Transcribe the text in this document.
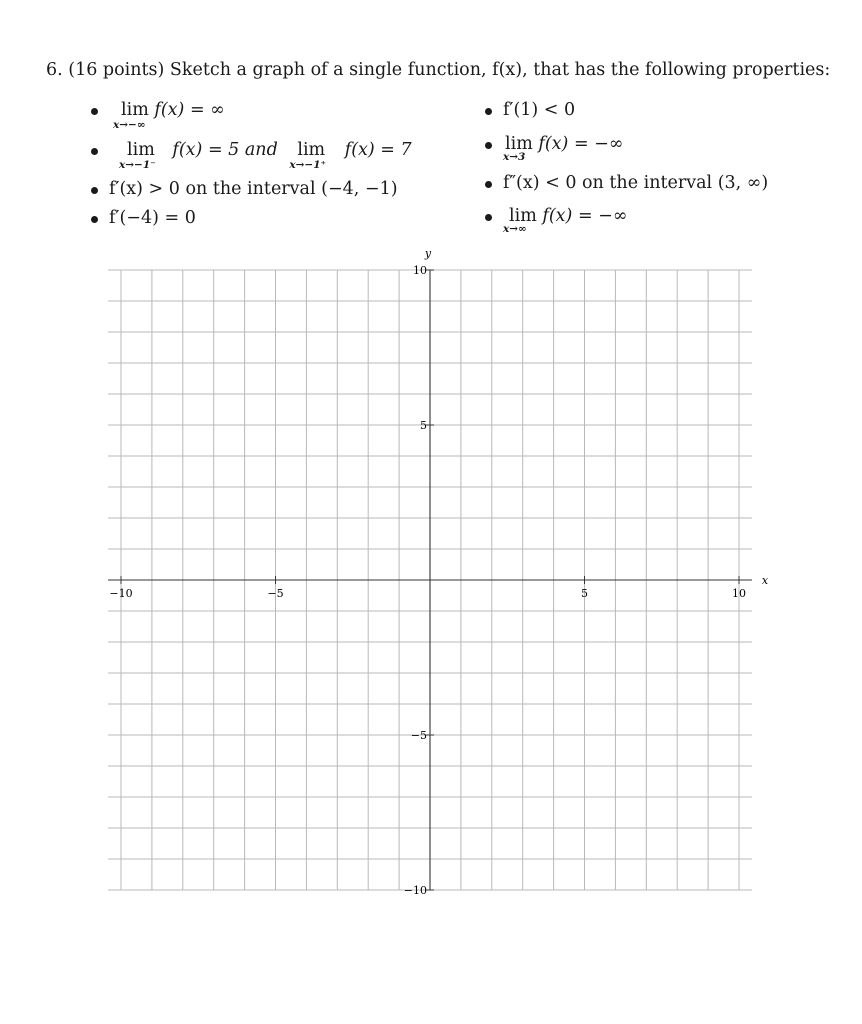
6. (16 points) Sketch a graph of a single function, f(x), that has the following properties:
lim
x→−∞
f(x) = ∞
lim
x→−1⁻
f(x) = 5 and lim
x→−1⁺
f(x) = 7
f′(x) > 0 on the interval (−4, −1)
f′(−4) = 0
f′(1) < 0
lim
x→3
f(x) = −∞
f″(x) < 0 on the interval (3, ∞)
lim
x→∞
f(x) = −∞
−10	−5	5	10
10
5
−5
−10
x
y
